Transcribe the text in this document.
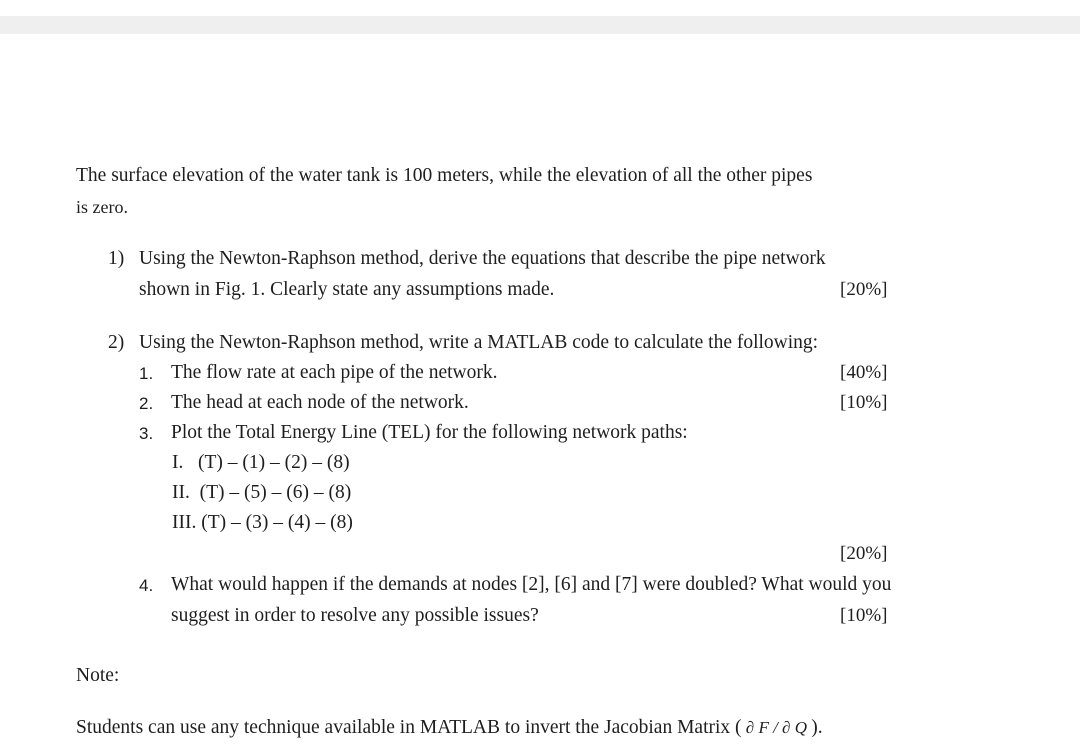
The surface elevation of the water tank is 100 meters, while the elevation of all the other pipes
is zero.
1) Using the Newton-Raphson method, derive the equations that describe the pipe network
shown in Fig. 1. Clearly state any assumptions made.	[20%]
2) Using the Newton-Raphson method, write a MATLAB code to calculate the following:
1. The flow rate at each pipe of the network.	[40%]
2. The head at each node of the network.	[10%]
3. Plot the Total Energy Line (TEL) for the following network paths:
I.   (T) – (1) – (2) – (8)
II.  (T) – (5) – (6) – (8)
III. (T) – (3) – (4) – (8)
[20%]
4. What would happen if the demands at nodes [2], [6] and [7] were doubled? What would you
suggest in order to resolve any possible issues?	[10%]
Note:
Students can use any technique available in MATLAB to invert the Jacobian Matrix ( ∂ F / ∂ Q ).
